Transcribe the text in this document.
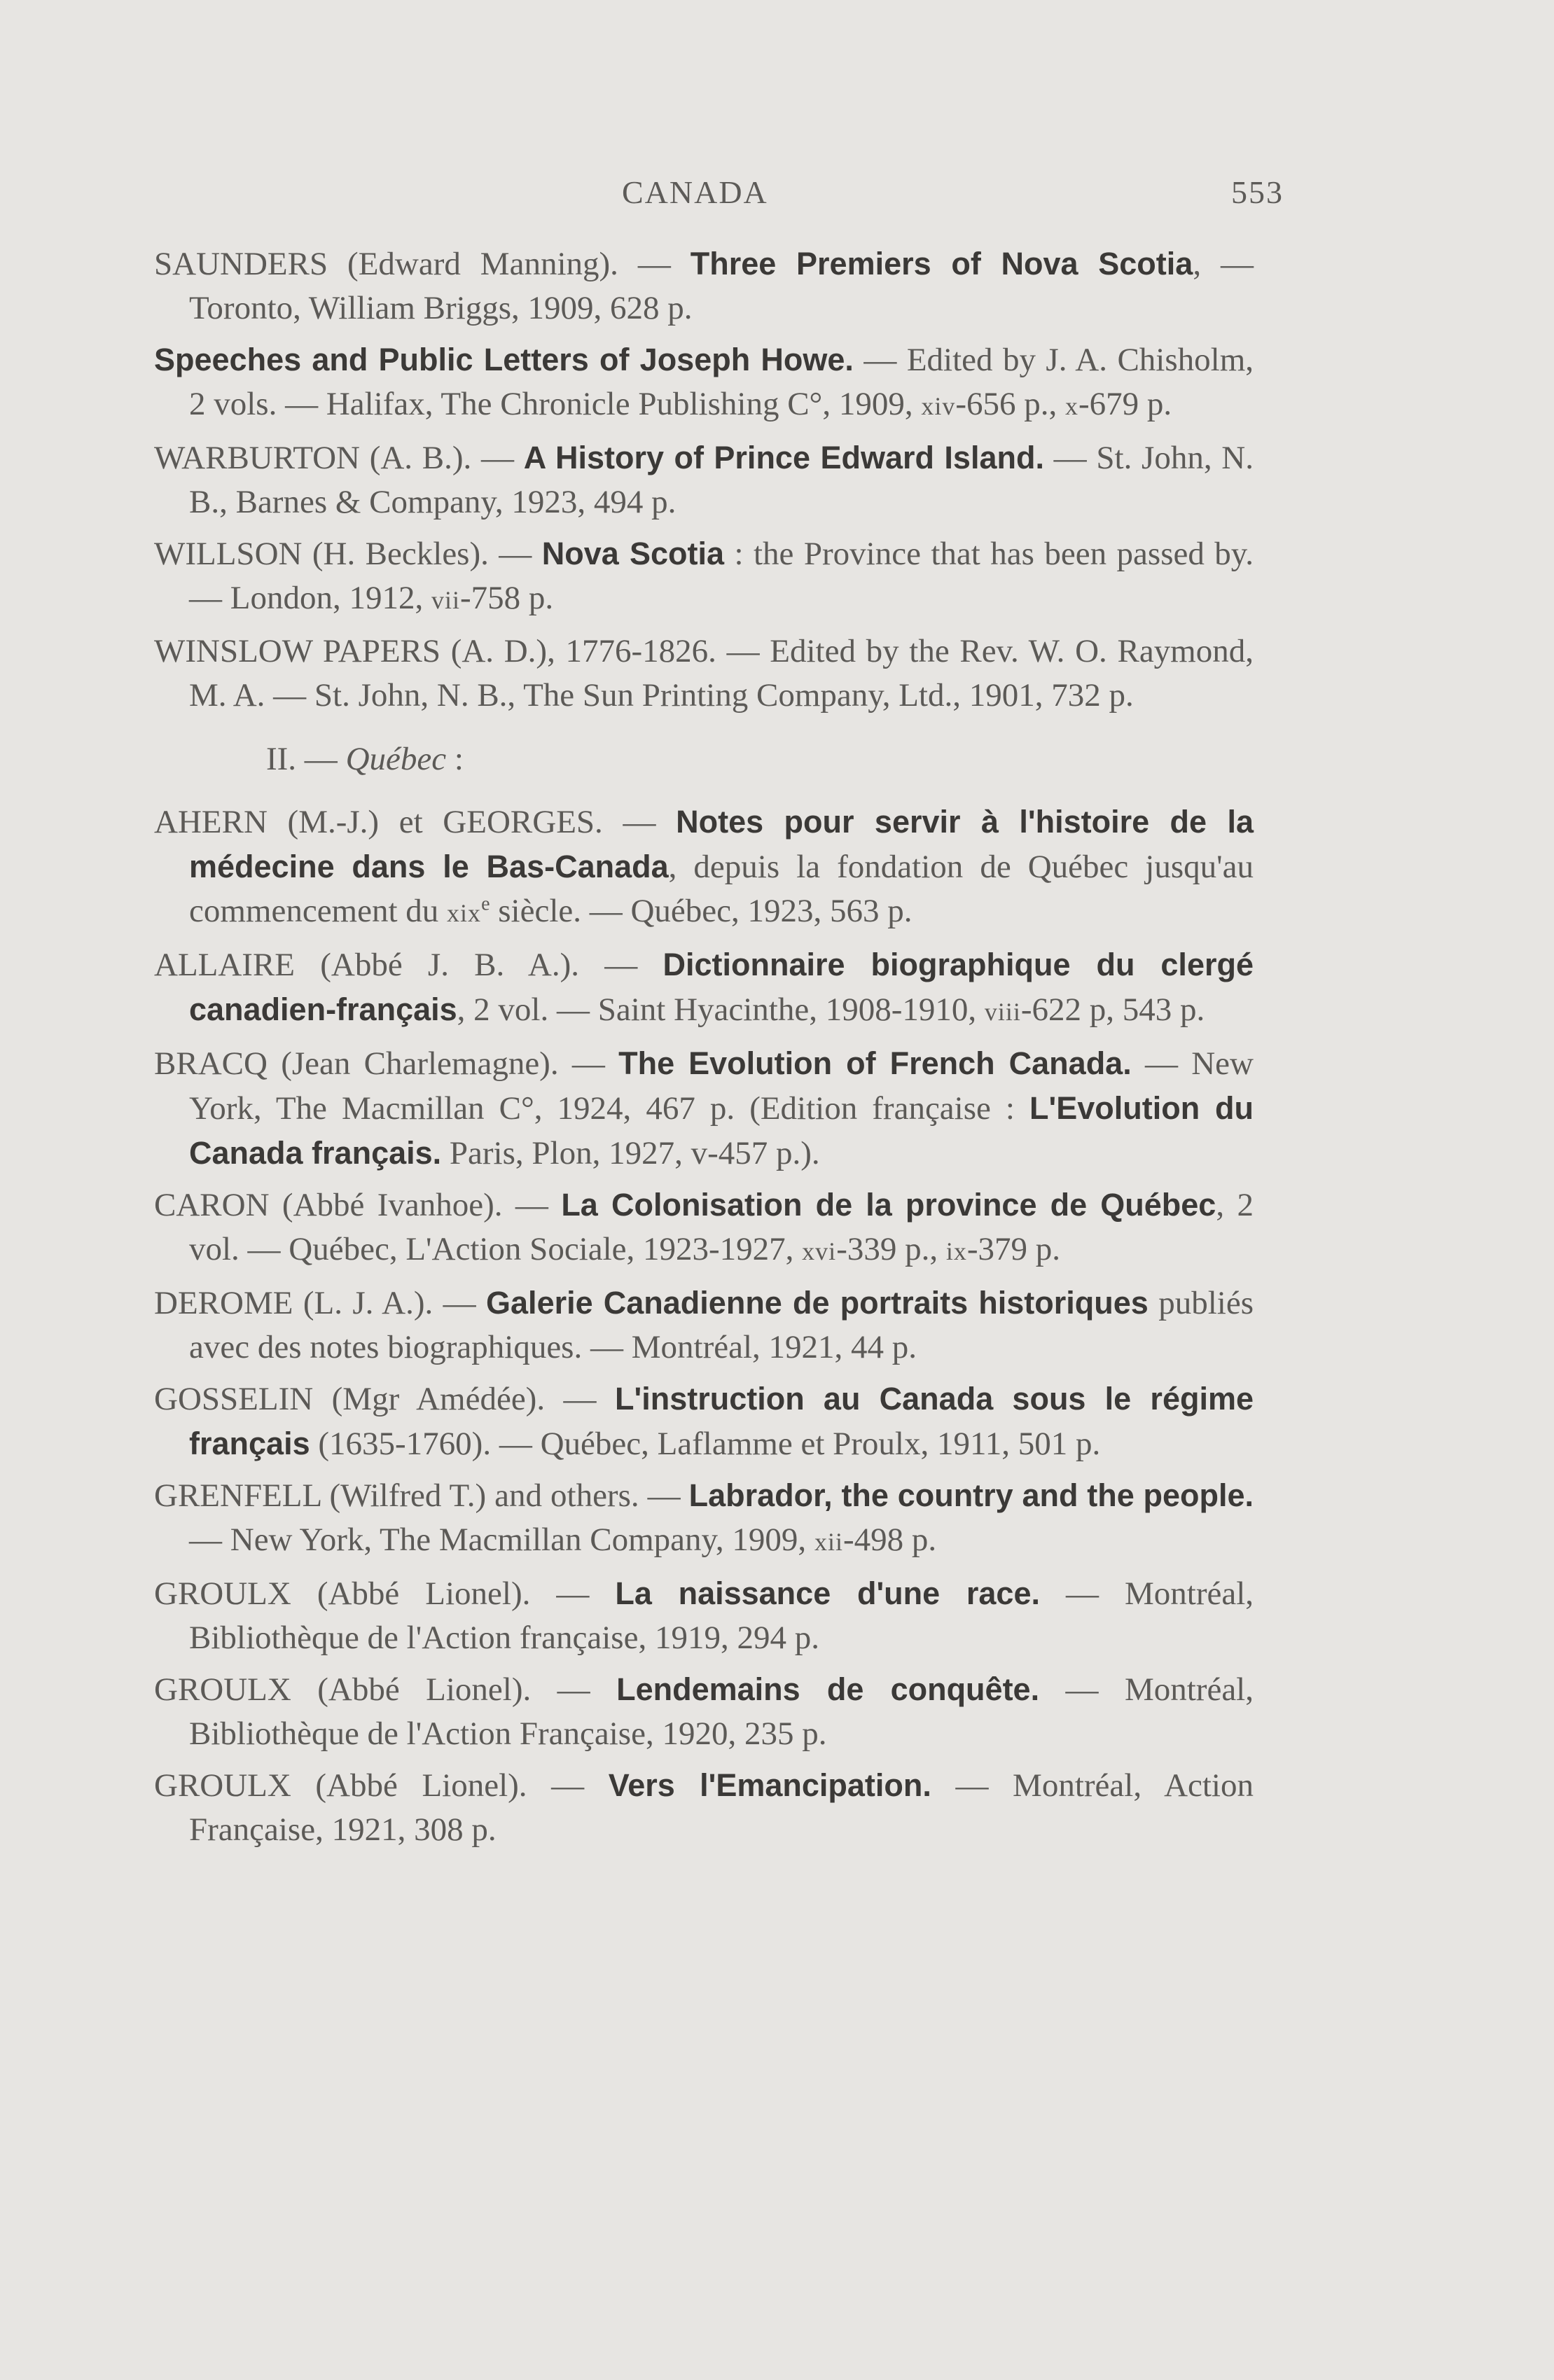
CANADA	553

SAUNDERS (Edward Manning). — Three Premiers of Nova Scotia, — Toronto, William Briggs, 1909, 628 p.

Speeches and Public Letters of Joseph Howe. — Edited by J. A. Chisholm, 2 vols. — Halifax, The Chronicle Publishing C°, 1909, xiv-656 p., x-679 p.

WARBURTON (A. B.). — A History of Prince Edward Island. — St. John, N. B., Barnes & Company, 1923, 494 p.

WILLSON (H. Beckles). — Nova Scotia : the Province that has been passed by. — London, 1912, vii-758 p.

WINSLOW PAPERS (A. D.), 1776-1826. — Edited by the Rev. W. O. Raymond, M. A. — St. John, N. B., The Sun Printing Company, Ltd., 1901, 732 p.

II. — Québec :

AHERN (M.-J.) et GEORGES. — Notes pour servir à l'histoire de la médecine dans le Bas-Canada, depuis la fondation de Québec jusqu'au commencement du xix$^e$ siècle. — Québec, 1923, 563 p.

ALLAIRE (Abbé J. B. A.). — Dictionnaire biographique du clergé canadien-français, 2 vol. — Saint Hyacinthe, 1908-1910, viii-622 p, 543 p.

BRACQ (Jean Charlemagne). — The Evolution of French Canada. — New York, The Macmillan C°, 1924, 467 p. (Edition française : L'Evolution du Canada français. Paris, Plon, 1927, v-457 p.).

CARON (Abbé Ivanhoe). — La Colonisation de la province de Québec, 2 vol. — Québec, L'Action Sociale, 1923-1927, xvi-339 p., ix-379 p.

DEROME (L. J. A.). — Galerie Canadienne de portraits historiques publiés avec des notes biographiques. — Montréal, 1921, 44 p.

GOSSELIN (Mgr Amédée). — L'instruction au Canada sous le régime français (1635-1760). — Québec, Laflamme et Proulx, 1911, 501 p.

GRENFELL (Wilfred T.) and others. — Labrador, the country and the people. — New York, The Macmillan Company, 1909, xii-498 p.

GROULX (Abbé Lionel). — La naissance d'une race. — Montréal, Bibliothèque de l'Action française, 1919, 294 p.

GROULX (Abbé Lionel). — Lendemains de conquête. — Montréal, Bibliothèque de l'Action Française, 1920, 235 p.

GROULX (Abbé Lionel). — Vers l'Emancipation. — Montréal, Action Française, 1921, 308 p.
